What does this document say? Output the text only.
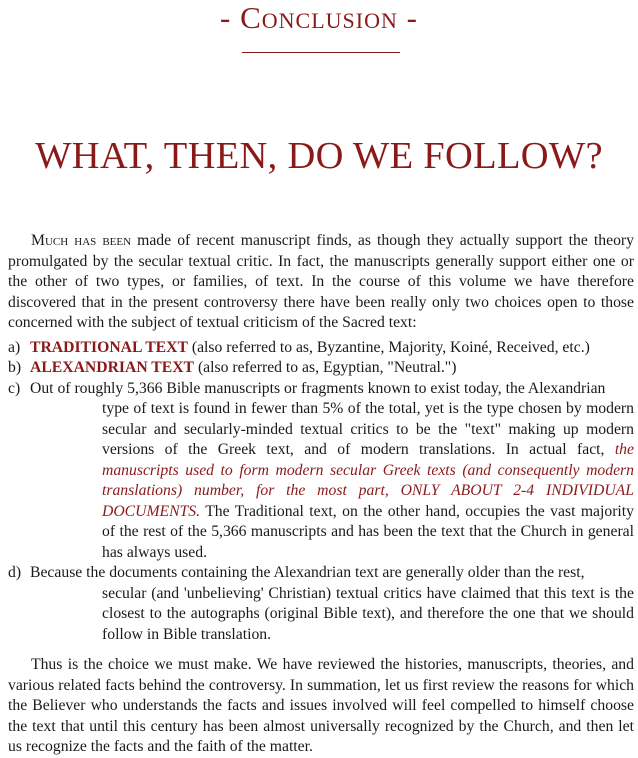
- Conclusion -
WHAT, THEN, DO WE FOLLOW?

Much has been made of recent manuscript finds, as though they actually support the theory promulgated by the secular textual critic. In fact, the manuscripts generally support either one or the other of two types, or families, of text. In the course of this volume we have therefore discovered that in the present controversy there have been really only two choices open to those concerned with the subject of textual criticism of the Sacred text:

a) TRADITIONAL TEXT (also referred to as, Byzantine, Majority, Koiné, Received, etc.)
b) ALEXANDRIAN TEXT (also referred to as, Egyptian, "Neutral.")
c) Out of roughly 5,366 Bible manuscripts or fragments known to exist today, the Alexandrian
type of text is found in fewer than 5% of the total, yet is the type chosen by modern secular and secularly-minded textual critics to be the "text" making up modern versions of the Greek text, and of modern translations. In actual fact, the manuscripts used to form modern secular Greek texts (and consequently modern translations) number, for the most part, ONLY ABOUT 2-4 INDIVIDUAL DOCUMENTS. The Traditional text, on the other hand, occupies the vast majority of the rest of the 5,366 manuscripts and has been the text that the Church in general has always used.
d) Because the documents containing the Alexandrian text are generally older than the rest,
secular (and 'unbelieving' Christian) textual critics have claimed that this text is the closest to the autographs (original Bible text), and therefore the one that we should follow in Bible translation.

Thus is the choice we must make. We have reviewed the histories, manuscripts, theories, and various related facts behind the controversy. In summation, let us first review the reasons for which the Believer who understands the facts and issues involved will feel compelled to himself choose the text that until this century has been almost universally recognized by the Church, and then let us recognize the facts and the faith of the matter.
